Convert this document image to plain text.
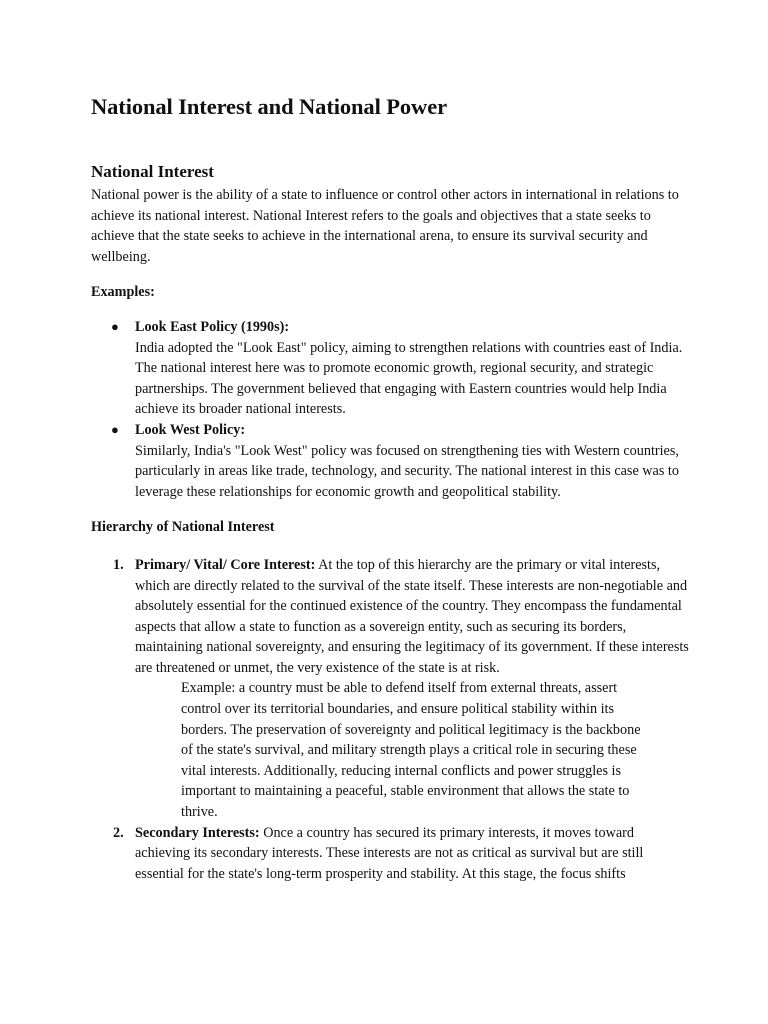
National Interest and National Power
National Interest

National power is the ability of a state to influence or control other actors in international in relations to achieve its national interest. National Interest refers to the goals and objectives that a state seeks to achieve that the state seeks to achieve in the international arena, to ensure its survival security and wellbeing.

Examples:

● Look East Policy (1990s):
India adopted the "Look East" policy, aiming to strengthen relations with countries east of India. The national interest here was to promote economic growth, regional security, and strategic partnerships. The government believed that engaging with Eastern countries would help India achieve its broader national interests.
● Look West Policy:
Similarly, India's "Look West" policy was focused on strengthening ties with Western countries, particularly in areas like trade, technology, and security. The national interest in this case was to leverage these relationships for economic growth and geopolitical stability.

Hierarchy of National Interest

1. Primary/ Vital/ Core Interest: At the top of this hierarchy are the primary or vital interests, which are directly related to the survival of the state itself. These interests are non-negotiable and absolutely essential for the continued existence of the country. They encompass the fundamental aspects that allow a state to function as a sovereign entity, such as securing its borders, maintaining national sovereignty, and ensuring the legitimacy of its government. If these interests are threatened or unmet, the very existence of the state is at risk.
Example: a country must be able to defend itself from external threats, assert control over its territorial boundaries, and ensure political stability within its borders. The preservation of sovereignty and political legitimacy is the backbone of the state's survival, and military strength plays a critical role in securing these vital interests. Additionally, reducing internal conflicts and power struggles is important to maintaining a peaceful, stable environment that allows the state to thrive.
2. Secondary Interests: Once a country has secured its primary interests, it moves toward achieving its secondary interests. These interests are not as critical as survival but are still essential for the state's long-term prosperity and stability. At this stage, the focus shifts
